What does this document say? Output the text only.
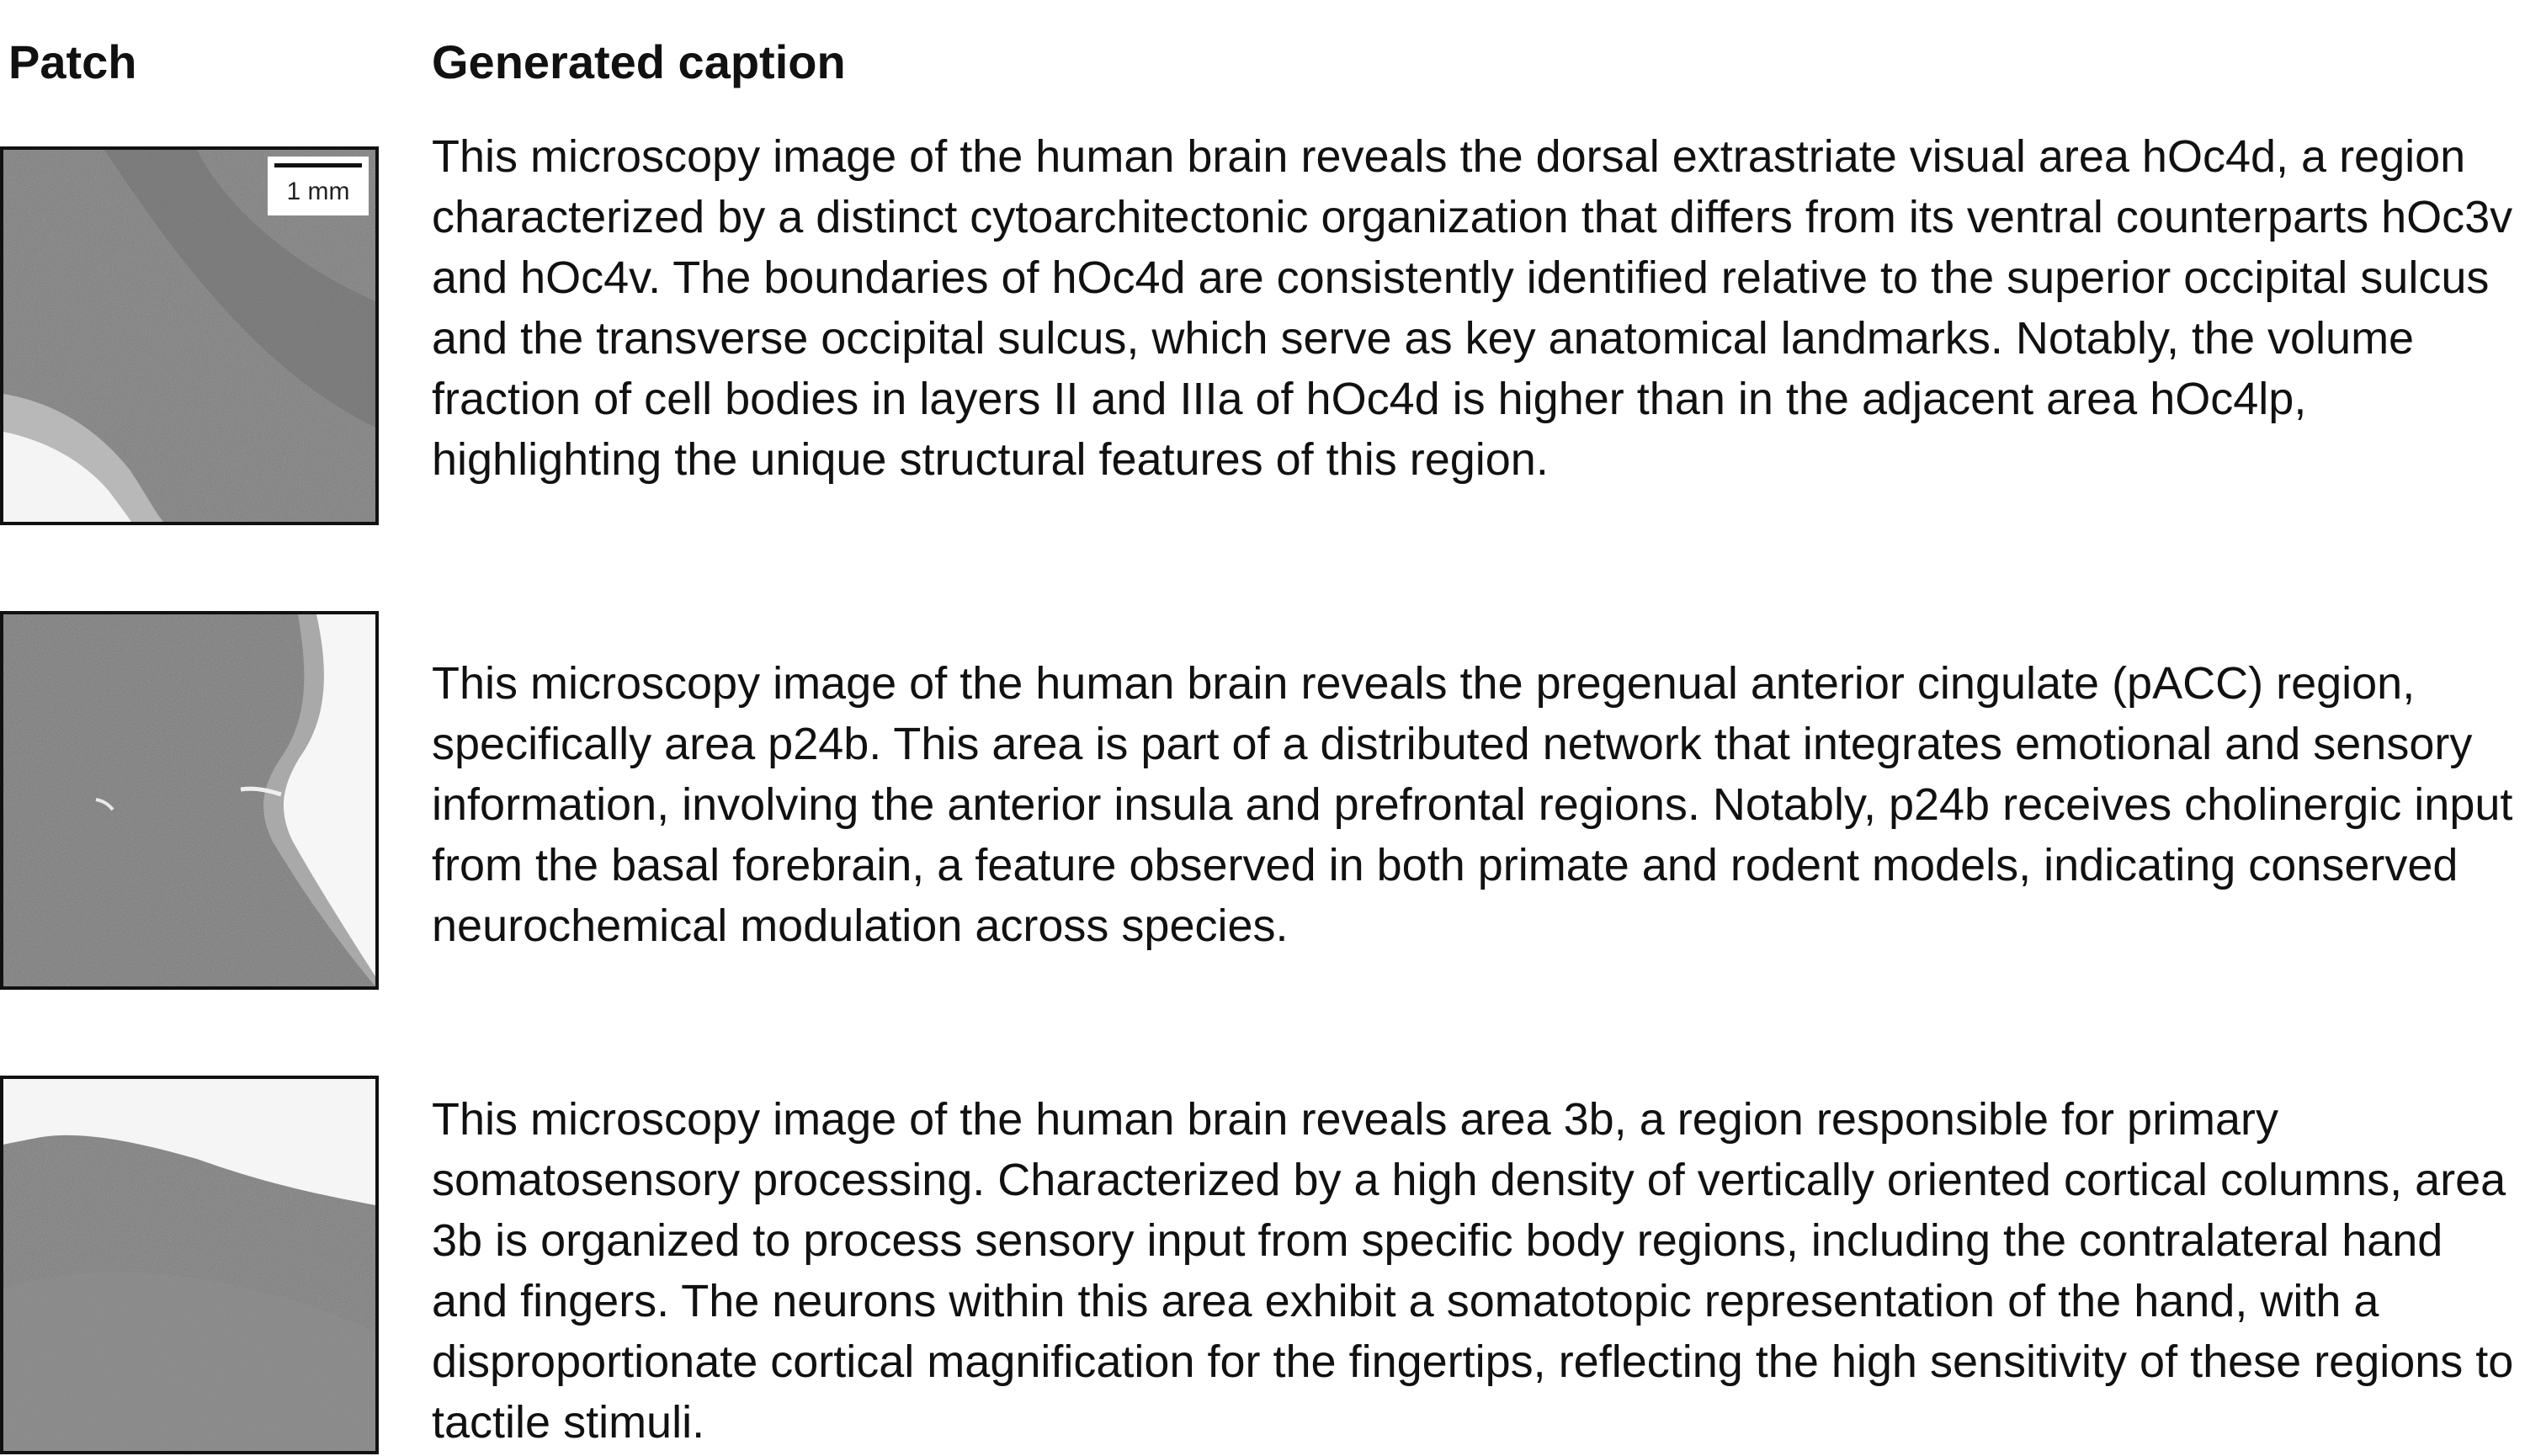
Patch	Generated caption
1 mm

This microscopy image of the human brain reveals the dorsal extrastriate visual area hOc4d, a region characterized by a distinct cytoarchitectonic organization that differs from its ventral counterparts hOc3v and hOc4v. The boundaries of hOc4d are consistently identified relative to the superior occipital sulcus and the transverse occipital sulcus, which serve as key anatomical landmarks. Notably, the volume fraction of cell bodies in layers II and IIIa of hOc4d is higher than in the adjacent area hOc4lp, highlighting the unique structural features of this region.

This microscopy image of the human brain reveals the pregenual anterior cingulate (pACC) region, specifically area p24b. This area is part of a distributed network that integrates emotional and sensory information, involving the anterior insula and prefrontal regions. Notably, p24b receives cholinergic input from the basal forebrain, a feature observed in both primate and rodent models, indicating conserved neurochemical modulation across species.

This microscopy image of the human brain reveals area 3b, a region responsible for primary somatosensory processing. Characterized by a high density of vertically oriented cortical columns, area 3b is organized to process sensory input from specific body regions, including the contralateral hand and fingers. The neurons within this area exhibit a somatotopic representation of the hand, with a disproportionate cortical magnification for the fingertips, reflecting the high sensitivity of these regions to tactile stimuli.
